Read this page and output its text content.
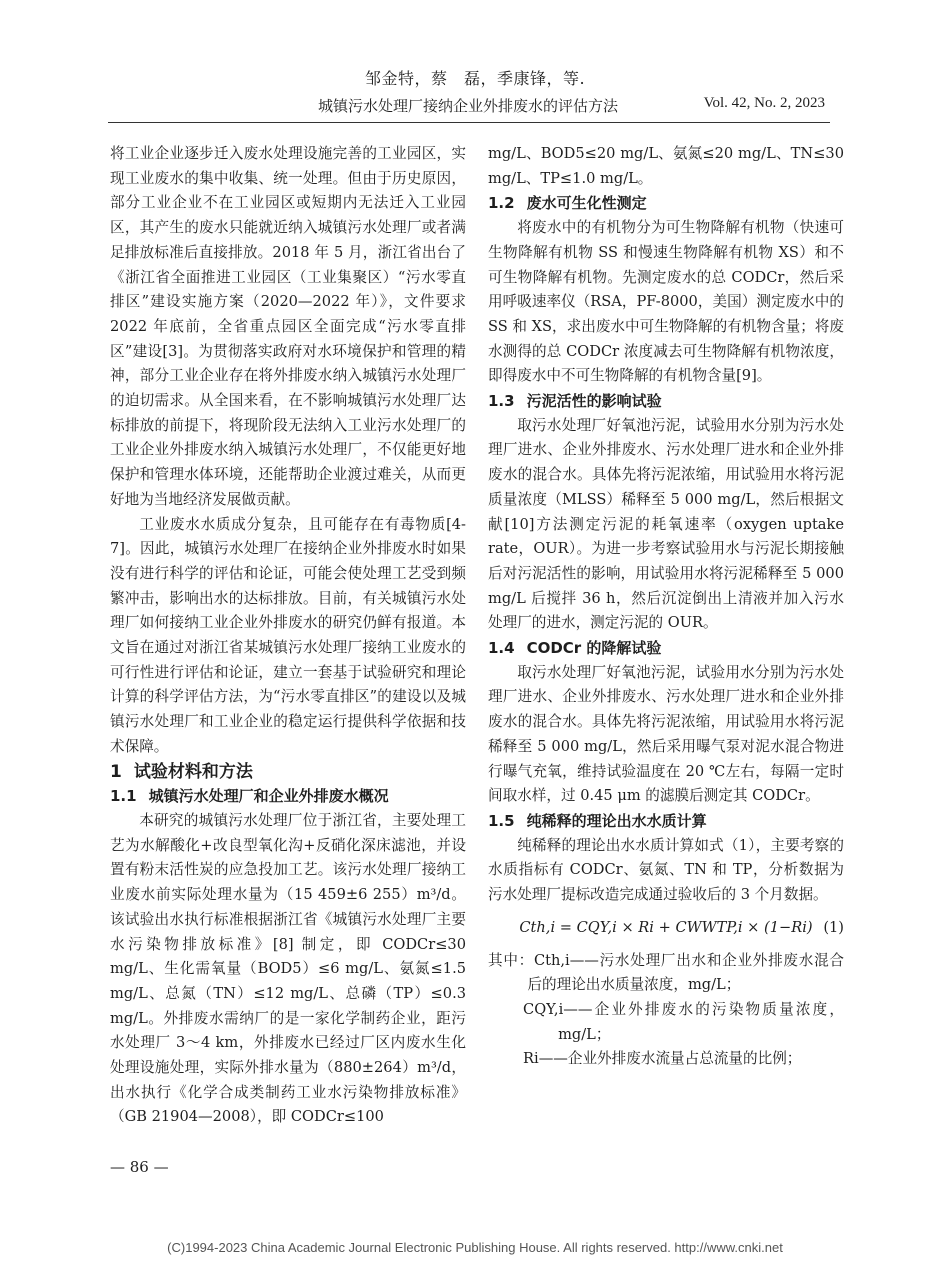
邹金特，蔡　磊，季康锋，等.
城镇污水处理厂接纳企业外排废水的评估方法	Vol. 42, No. 2, 2023

将工业企业逐步迁入废水处理设施完善的工业园区，实现工业废水的集中收集、统一处理。但由于历史原因，部分工业企业不在工业园区或短期内无法迁入工业园区，其产生的废水只能就近纳入城镇污水处理厂或者满足排放标准后直接排放。2018 年 5 月，浙江省出台了《浙江省全面推进工业园区（工业集聚区）“污水零直排区”建设实施方案（2020—2022 年）》，文件要求 2022 年底前，全省重点园区全面完成“污水零直排区”建设[3]。为贯彻落实政府对水环境保护和管理的精神，部分工业企业存在将外排废水纳入城镇污水处理厂的迫切需求。从全国来看，在不影响城镇污水处理厂达标排放的前提下，将现阶段无法纳入工业污水处理厂的工业企业外排废水纳入城镇污水处理厂，不仅能更好地保护和管理水体环境，还能帮助企业渡过难关，从而更好地为当地经济发展做贡献。

工业废水水质成分复杂，且可能存在有毒物质[4-7]。因此，城镇污水处理厂在接纳企业外排废水时如果没有进行科学的评估和论证，可能会使处理工艺受到频繁冲击，影响出水的达标排放。目前，有关城镇污水处理厂如何接纳工业企业外排废水的研究仍鲜有报道。本文旨在通过对浙江省某城镇污水处理厂接纳工业废水的可行性进行评估和论证，建立一套基于试验研究和理论计算的科学评估方法，为“污水零直排区”的建设以及城镇污水处理厂和工业企业的稳定运行提供科学依据和技术保障。

1 试验材料和方法

1.1 城镇污水处理厂和企业外排废水概况

本研究的城镇污水处理厂位于浙江省，主要处理工艺为水解酸化+改良型氧化沟+反硝化深床滤池，并设置有粉末活性炭的应急投加工艺。该污水处理厂接纳工业废水前实际处理水量为（15 459±6 255）m³/d。该试验出水执行标准根据浙江省《城镇污水处理厂主要水污染物排放标准》[8] 制定，即 CODCr≤30 mg/L、生化需氧量（BOD5）≤6 mg/L、氨氮≤1.5 mg/L、总氮（TN）≤12 mg/L、总磷（TP）≤0.3 mg/L。外排废水需纳厂的是一家化学制药企业，距污水处理厂 3～4 km，外排废水已经过厂区内废水生化处理设施处理，实际外排水量为（880±264）m³/d，出水执行《化学合成类制药工业水污染物排放标准》（GB 21904—2008），即 CODCr≤100

mg/L、BOD5≤20 mg/L、氨氮≤20 mg/L、TN≤30 mg/L、TP≤1.0 mg/L。

1.2 废水可生化性测定

将废水中的有机物分为可生物降解有机物（快速可生物降解有机物 SS 和慢速生物降解有机物 XS）和不可生物降解有机物。先测定废水的总 CODCr，然后采用呼吸速率仪（RSA，PF-8000，美国）测定废水中的 SS 和 XS，求出废水中可生物降解的有机物含量；将废水测得的总 CODCr 浓度减去可生物降解有机物浓度，即得废水中不可生物降解的有机物含量[9]。

1.3 污泥活性的影响试验

取污水处理厂好氧池污泥，试验用水分别为污水处理厂进水、企业外排废水、污水处理厂进水和企业外排废水的混合水。具体先将污泥浓缩，用试验用水将污泥质量浓度（MLSS）稀释至 5 000 mg/L，然后根据文献[10]方法测定污泥的耗氧速率（oxygen uptake rate，OUR）。为进一步考察试验用水与污泥长期接触后对污泥活性的影响，用试验用水将污泥稀释至 5 000 mg/L 后搅拌 36 h，然后沉淀倒出上清液并加入污水处理厂的进水，测定污泥的 OUR。

1.4 CODCr 的降解试验

取污水处理厂好氧池污泥，试验用水分别为污水处理厂进水、企业外排废水、污水处理厂进水和企业外排废水的混合水。具体先将污泥浓缩，用试验用水将污泥稀释至 5 000 mg/L，然后采用曝气泵对泥水混合物进行曝气充氧，维持试验温度在 20 ℃左右，每隔一定时间取水样，过 0.45 μm 的滤膜后测定其 CODCr。

1.5 纯稀释的理论出水水质计算

纯稀释的理论出水水质计算如式（1），主要考察的水质指标有 CODCr、氨氮、TN 和 TP，分析数据为污水处理厂提标改造完成通过验收后的 3 个月数据。

Cth,i = CQY,i × Ri + CWWTP,i × (1−Ri) (1)

其中：Cth,i——污水处理厂出水和企业外排废水混合后的理论出水质量浓度，mg/L；

CQY,i——企业外排废水的污染物质量浓度，mg/L；

Ri——企业外排废水流量占总流量的比例；

— 86 —
(C)1994-2023 China Academic Journal Electronic Publishing House. All rights reserved. http://www.cnki.net
